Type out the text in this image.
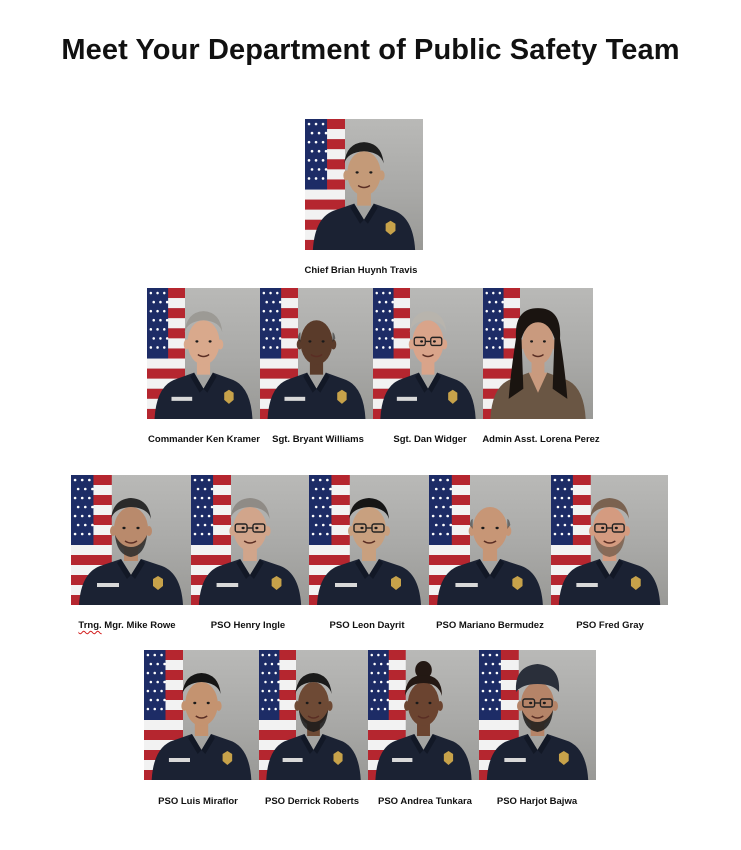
Meet Your Department of Public Safety Team
Chief Brian Huynh Travis
Commander Ken Kramer	Sgt. Bryant Williams	Sgt. Dan Widger	Admin Asst. Lorena Perez
Trng. Mgr. Mike Rowe	PSO Henry Ingle	PSO Leon Dayrit	PSO Mariano Bermudez	PSO Fred Gray
PSO Luis Miraflor	PSO Derrick Roberts	PSO Andrea Tunkara	PSO Harjot Bajwa
